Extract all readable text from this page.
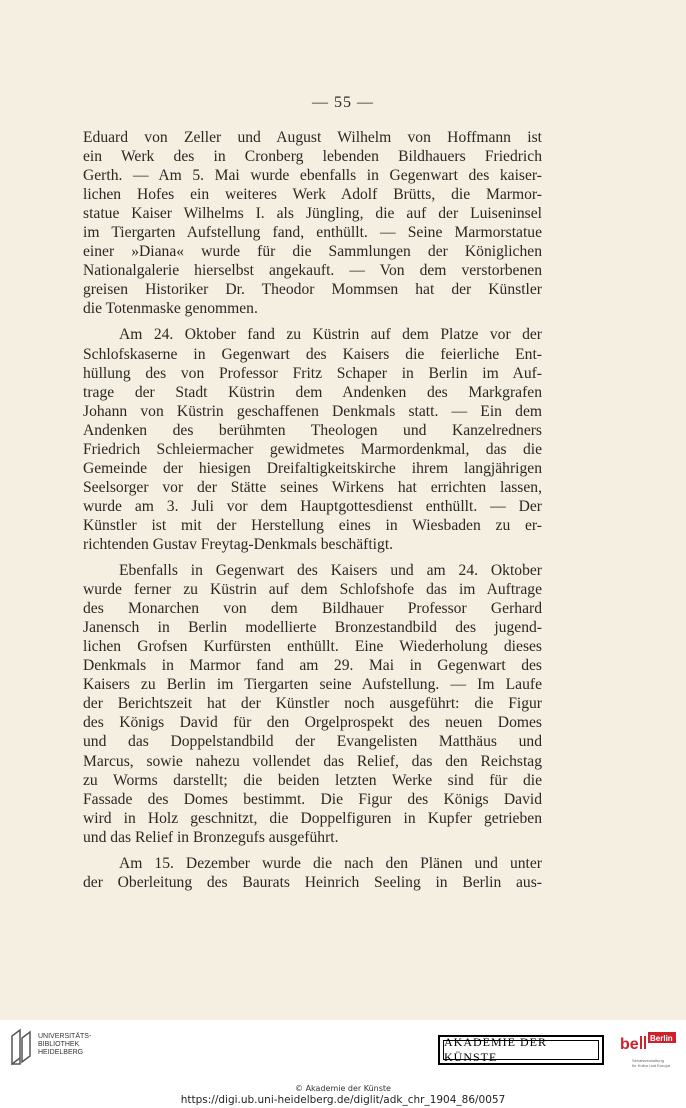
— 55 —
Eduard von Zeller und August Wilhelm von Hoffmann ist
ein Werk des in Cronberg lebenden Bildhauers Friedrich
Gerth. — Am 5. Mai wurde ebenfalls in Gegenwart des kaiser-
lichen Hofes ein weiteres Werk Adolf Brütts, die Marmor-
statue Kaiser Wilhelms I. als Jüngling, die auf der Luiseninsel
im Tiergarten Aufstellung fand, enthüllt. — Seine Marmorstatue
einer »Diana« wurde für die Sammlungen der Königlichen
Nationalgalerie hierselbst angekauft. — Von dem verstorbenen
greisen Historiker Dr. Theodor Mommsen hat der Künstler
die Totenmaske genommen.
Am 24. Oktober fand zu Küstrin auf dem Platze vor der
Schlofskaserne in Gegenwart des Kaisers die feierliche Ent-
hüllung des von Professor Fritz Schaper in Berlin im Auf-
trage der Stadt Küstrin dem Andenken des Markgrafen
Johann von Küstrin geschaffenen Denkmals statt. — Ein dem
Andenken des berühmten Theologen und Kanzelredners
Friedrich Schleiermacher gewidmetes Marmordenkmal, das die
Gemeinde der hiesigen Dreifaltigkeitskirche ihrem langjährigen
Seelsorger vor der Stätte seines Wirkens hat errichten lassen,
wurde am 3. Juli vor dem Hauptgottesdienst enthüllt. — Der
Künstler ist mit der Herstellung eines in Wiesbaden zu er-
richtenden Gustav Freytag-Denkmals beschäftigt.
Ebenfalls in Gegenwart des Kaisers und am 24. Oktober
wurde ferner zu Küstrin auf dem Schlofshofe das im Auftrage
des Monarchen von dem Bildhauer Professor Gerhard
Janensch in Berlin modellierte Bronzestandbild des jugend-
lichen Grofsen Kurfürsten enthüllt. Eine Wiederholung dieses
Denkmals in Marmor fand am 29. Mai in Gegenwart des
Kaisers zu Berlin im Tiergarten seine Aufstellung. — Im Laufe
der Berichtszeit hat der Künstler noch ausgeführt: die Figur
des Königs David für den Orgelprospekt des neuen Domes
und das Doppelstandbild der Evangelisten Matthäus und
Marcus, sowie nahezu vollendet das Relief, das den Reichstag
zu Worms darstellt; die beiden letzten Werke sind für die
Fassade des Domes bestimmt. Die Figur des Königs David
wird in Holz geschnitzt, die Doppelfiguren in Kupfer getrieben
und das Relief in Bronzegufs ausgeführt.
Am 15. Dezember wurde die nach den Plänen und unter
der Oberleitung des Baurats Heinrich Seeling in Berlin aus-
UNIVERSITÄTS-
BIBLIOTHEK
HEIDELBERG
AKADEMIE DER KÜNSTE
be Berlin
Senatsverwaltung
für Kultur und Europa
© Akademie der Künste
https://digi.ub.uni-heidelberg.de/diglit/adk_chr_1904_86/0057
